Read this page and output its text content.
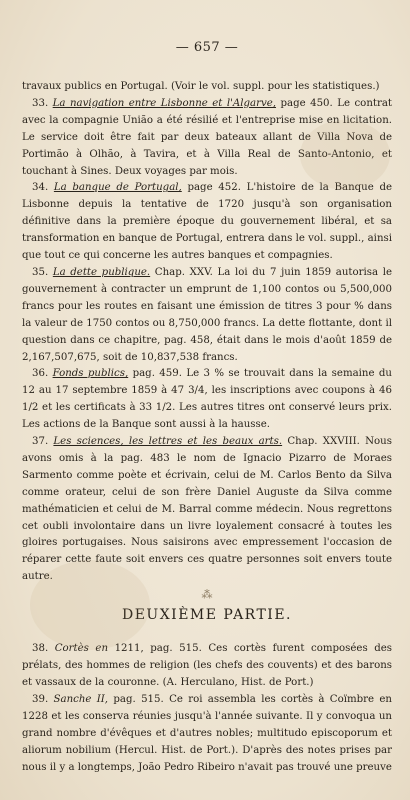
— 657 —

travaux publics en Portugal. (Voir le vol. suppl. pour les statistiques.)

33. La navigation entre Lisbonne et l'Algarve, page 450. Le contrat avec la compagnie União a été résilié et l'entreprise mise en licitation. Le service doit être fait par deux bateaux allant de Villa Nova de Portimão à Olhão, à Tavira, et à Villa Real de Santo-Antonio, et touchant à Sines. Deux voyages par mois.

34. La banque de Portugal, page 452. L'histoire de la Banque de Lisbonne depuis la tentative de 1720 jusqu'à son organisation définitive dans la première époque du gouvernement libéral, et sa transformation en banque de Portugal, entrera dans le vol. suppl., ainsi que tout ce qui concerne les autres banques et compagnies.

35. La dette publique. Chap. XXV. La loi du 7 juin 1859 autorisa le gouvernement à contracter un emprunt de 1,100 contos ou 5,500,000 francs pour les routes en faisant une émission de titres 3 pour % dans la valeur de 1750 contos ou 8,750,000 francs. La dette flottante, dont il question dans ce chapitre, pag. 458, était dans le mois d'août 1859 de 2,167,507,675, soit de 10,837,538 francs.

36. Fonds publics, pag. 459. Le 3 % se trouvait dans la semaine du 12 au 17 septembre 1859 à 47 3/4, les inscriptions avec coupons à 46 1/2 et les certificats à 33 1/2. Les autres titres ont conservé leurs prix. Les actions de la Banque sont aussi à la hausse.

37. Les sciences, les lettres et les beaux arts. Chap. XXVIII. Nous avons omis à la pag. 483 le nom de Ignacio Pizarro de Moraes Sarmento comme poète et écrivain, celui de M. Carlos Bento da Silva comme orateur, celui de son frère Daniel Auguste da Silva comme mathématicien et celui de M. Barral comme médecin. Nous regrettons cet oubli involontaire dans un livre loyalement consacré à toutes les gloires portugaises. Nous saisirons avec empressement l'occasion de réparer cette faute soit envers ces quatre personnes soit envers toute autre.

⁂
DEUXIÈME PARTIE.

38. Cortès en 1211, pag. 515. Ces cortès furent composées des prélats, des hommes de religion (les chefs des couvents) et des barons et vassaux de la couronne. (A. Herculano, Hist. de Port.)

39. Sanche II, pag. 515. Ce roi assembla les cortès à Coïmbre en 1228 et les conserva réunies jusqu'à l'année suivante. Il y convoqua un grand nombre d'évêques et d'autres nobles; multitudo episcoporum et aliorum nobilium (Hercul. Hist. de Port.). D'après des notes prises par nous il y a longtemps, João Pedro Ribeiro n'avait pas trouvé une preuve
